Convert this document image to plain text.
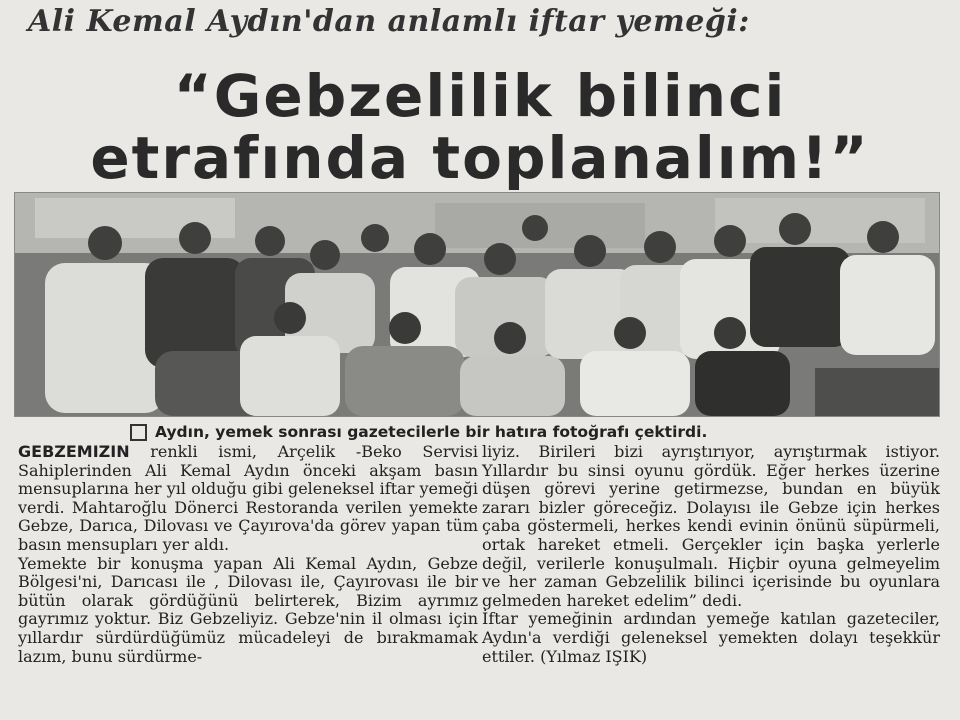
Ali Kemal Aydın'dan anlamlı iftar yemeği:
“Gebzelilik bilinci
etrafında toplanalım!”
Aydın, yemek sonrası gazetecilerle bir hatıra fotoğrafı çektirdi.

GEBZEMIZIN renkli ismi, Arçelik -Beko Servisi Sahiplerinden Ali Kemal Aydın önceki akşam basın mensuplarına her yıl olduğu gibi geleneksel iftar yemeği verdi. Mahtaroğlu Dönerci Restoranda verilen yemekte Gebze, Darıca, Dilovası ve Çayırova'da görev yapan tüm basın mensupları yer aldı.

Yemekte bir konuşma yapan Ali Kemal Aydın, Gebze Bölgesi'ni, Darıcası ile , Dilovası ile, Çayırovası ile bir bütün olarak gördüğünü belirterek, Bizim ayrımız gayrımız yoktur. Biz Gebzeliyiz. Gebze'nin il olması için yıllardır sürdürdüğümüz mücadeleyi de bırakmamak lazım, bunu sürdürme-

liyiz. Birileri bizi ayrıştırıyor, ayrıştırmak istiyor. Yıllardır bu sinsi oyunu gördük. Eğer herkes üzerine düşen görevi yerine getirmezse, bundan en büyük zararı bizler göreceğiz. Dolayısı ile Gebze için herkes çaba göstermeli, herkes kendi evinin önünü süpürmeli, ortak hareket etmeli. Gerçekler için başka yerlerle değil, verilerle konuşulmalı. Hiçbir oyuna gelmeyelim ve her zaman Gebzelilik bilinci içerisinde bu oyunlara gelmeden hareket edelim” dedi.

İftar yemeğinin ardından yemeğe katılan gazeteciler, Aydın'a verdiği geleneksel yemekten dolayı teşekkür ettiler. (Yılmaz IŞIK)
